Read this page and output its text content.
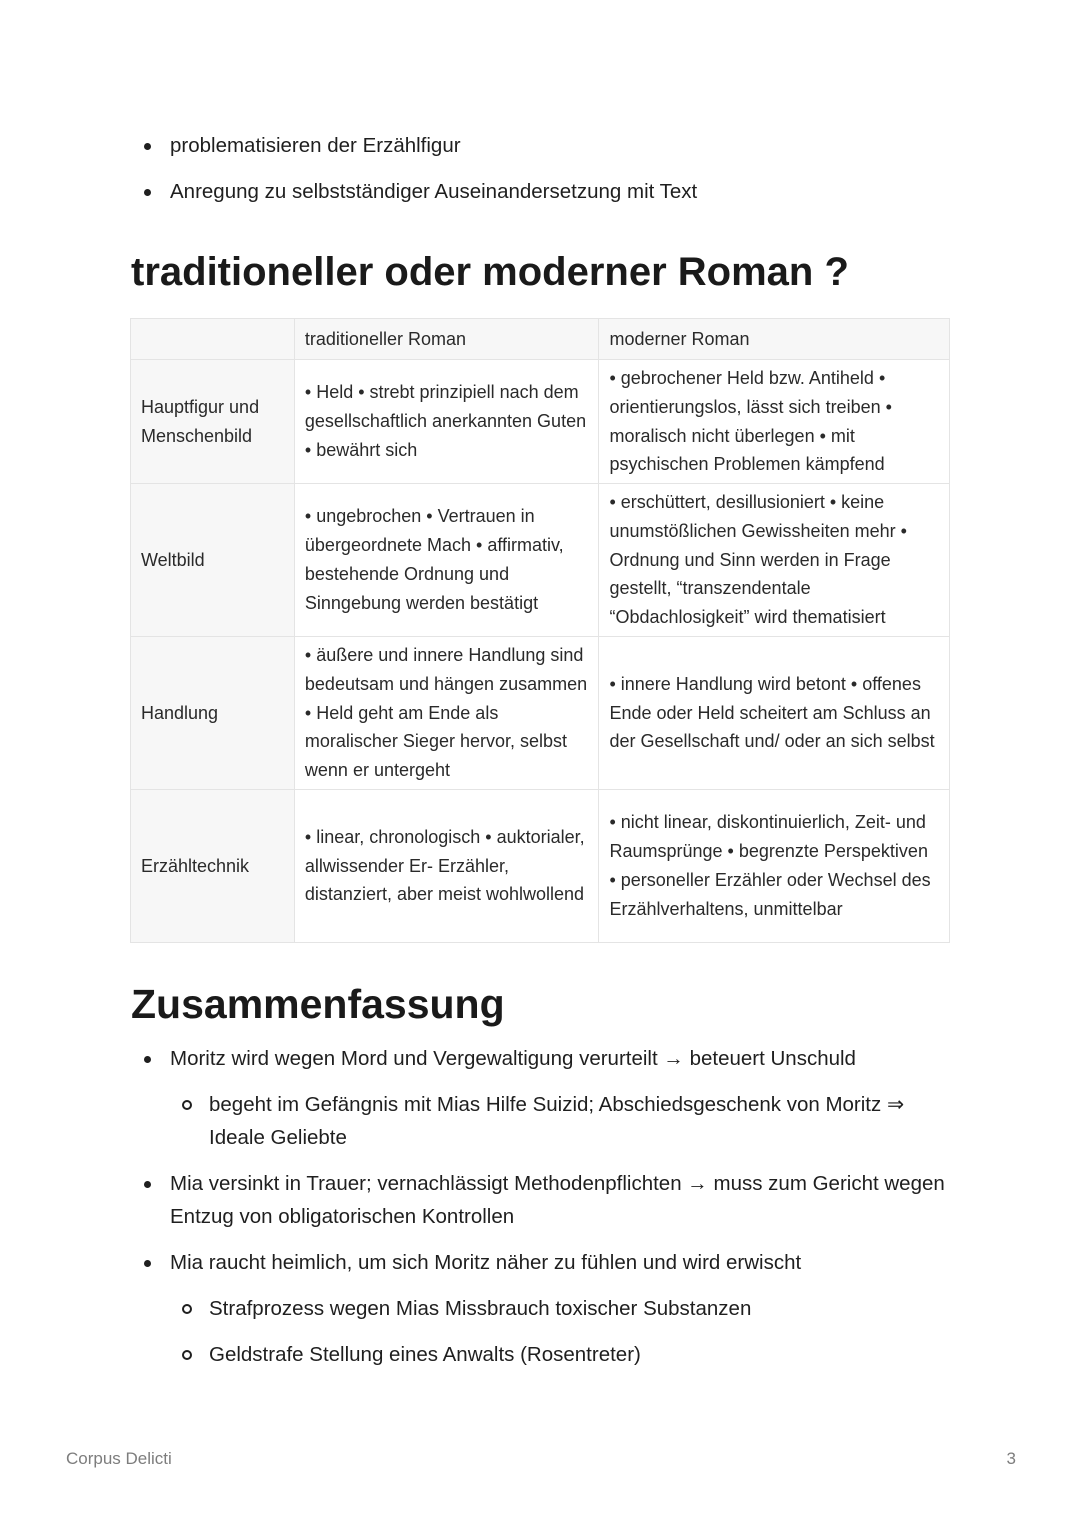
problematisieren der Erzählfigur
Anregung zu selbstständiger Auseinandersetzung mit Text
traditioneller oder moderner Roman ?
	traditioneller Roman	moderner Roman
Hauptfigur und Menschenbild	• Held • strebt prinzipiell nach dem gesellschaftlich anerkannten Guten • bewährt sich	• gebrochener Held bzw. Antiheld • orientierungslos, lässt sich treiben • moralisch nicht überlegen • mit psychischen Problemen kämpfend
Weltbild	• ungebrochen • Vertrauen in übergeordnete Mach • affirmativ, bestehende Ordnung und Sinngebung werden bestätigt	• erschüttert, desillusioniert • keine unumstößlichen Gewissheiten mehr • Ordnung und Sinn werden in Frage gestellt, “transzendentale “Obdachlosigkeit” wird thematisiert
Handlung	• äußere und innere Handlung sind bedeutsam und hängen zusammen • Held geht am Ende als moralischer Sieger hervor, selbst wenn er untergeht	• innere Handlung wird betont • offenes Ende oder Held scheitert am Schluss an der Gesellschaft und/ oder an sich selbst
Erzähltechnik	• linear, chronologisch • auktorialer, allwissender Er- Erzähler, distanziert, aber meist wohlwollend	• nicht linear, diskontinuierlich, Zeit- und Raumsprünge • begrenzte Perspektiven • personeller Erzähler oder Wechsel des Erzählverhaltens, unmittelbar
Zusammenfassung
Moritz wird wegen Mord und Vergewaltigung verurteilt → beteuert Unschuld
begeht im Gefängnis mit Mias Hilfe Suizid; Abschiedsgeschenk von Moritz ⇒ Ideale Geliebte
Mia versinkt in Trauer; vernachlässigt Methodenpflichten → muss zum Gericht wegen Entzug von obligatorischen Kontrollen
Mia raucht heimlich, um sich Moritz näher zu fühlen und wird erwischt
Strafprozess wegen Mias Missbrauch toxischer Substanzen
Geldstrafe Stellung eines Anwalts (Rosentreter)
Corpus Delicti	3
